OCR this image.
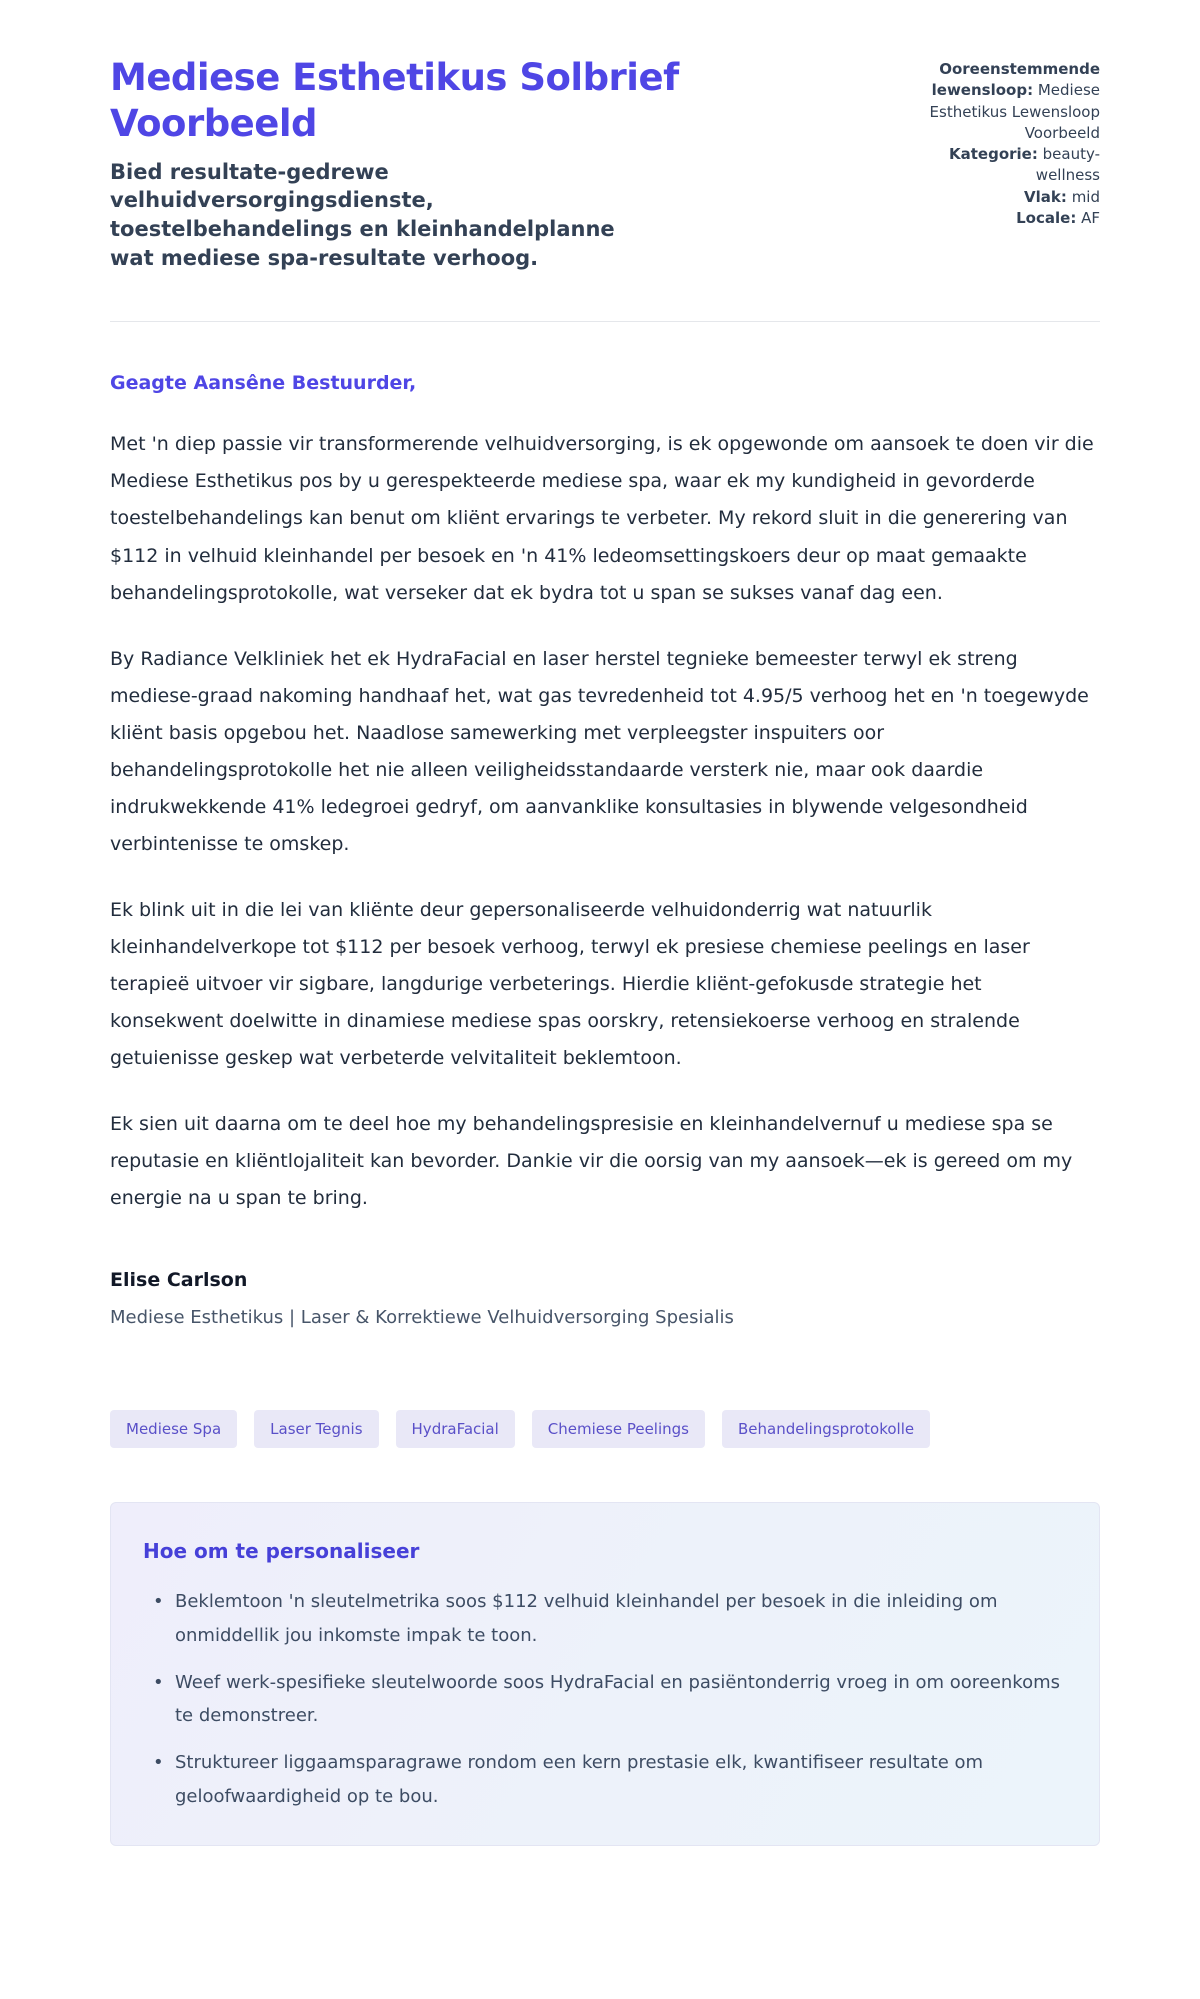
Mediese Esthetikus Solbrief Voorbeeld
Bied resultate-gedrewe velhuidversorgingsdienste, toestelbehandelings en kleinhandelplanne wat mediese spa-resultate verhoog.
Ooreenstemmende lewensloop: Mediese Esthetikus Lewensloop Voorbeeld
Kategorie: beauty-wellness
Vlak: mid
Locale: AF
Geagte Aansêne Bestuurder,

Met 'n diep passie vir transformerende velhuidversorging, is ek opgewonde om aansoek te doen vir die Mediese Esthetikus pos by u gerespekteerde mediese spa, waar ek my kundigheid in gevorderde toestelbehandelings kan benut om kliënt ervarings te verbeter. My rekord sluit in die generering van $112 in velhuid kleinhandel per besoek en 'n 41% ledeomsettingskoers deur op maat gemaakte behandelingsprotokolle, wat verseker dat ek bydra tot u span se sukses vanaf dag een.

By Radiance Velkliniek het ek HydraFacial en laser herstel tegnieke bemeester terwyl ek streng mediese-graad nakoming handhaaf het, wat gas tevredenheid tot 4.95/5 verhoog het en 'n toegewyde kliënt basis opgebou het. Naadlose samewerking met verpleegster inspuiters oor behandelingsprotokolle het nie alleen veiligheidsstandaarde versterk nie, maar ook daardie indrukwekkende 41% ledegroei gedryf, om aanvanklike konsultasies in blywende velgesondheid verbintenisse te omskep.

Ek blink uit in die lei van kliënte deur gepersonaliseerde velhuidonderrig wat natuurlik kleinhandelverkope tot $112 per besoek verhoog, terwyl ek presiese chemiese peelings en laser terapieë uitvoer vir sigbare, langdurige verbeterings. Hierdie kliënt-gefokusde strategie het konsekwent doelwitte in dinamiese mediese spas oorskry, retensiekoerse verhoog en stralende getuienisse geskep wat verbeterde velvitaliteit beklemtoon.

Ek sien uit daarna om te deel hoe my behandelingspresisie en kleinhandelvernuf u mediese spa se reputasie en kliëntlojaliteit kan bevorder. Dankie vir die oorsig van my aansoek—ek is gereed om my energie na u span te bring.

Elise Carlson
Mediese Esthetikus | Laser & Korrektiewe Velhuidversorging Spesialis
Mediese Spa	Laser Tegnis	HydraFacial	Chemiese Peelings	Behandelingsprotokolle
Hoe om te personaliseer
• Beklemtoon 'n sleutelmetrika soos $112 velhuid kleinhandel per besoek in die inleiding om onmiddellik jou inkomste impak te toon.
• Weef werk-spesifieke sleutelwoorde soos HydraFacial en pasiëntonderrig vroeg in om ooreenkoms te demonstreer.
• Struktureer liggaamsparagrawe rondom een kern prestasie elk, kwantifiseer resultate om geloofwaardigheid op te bou.
